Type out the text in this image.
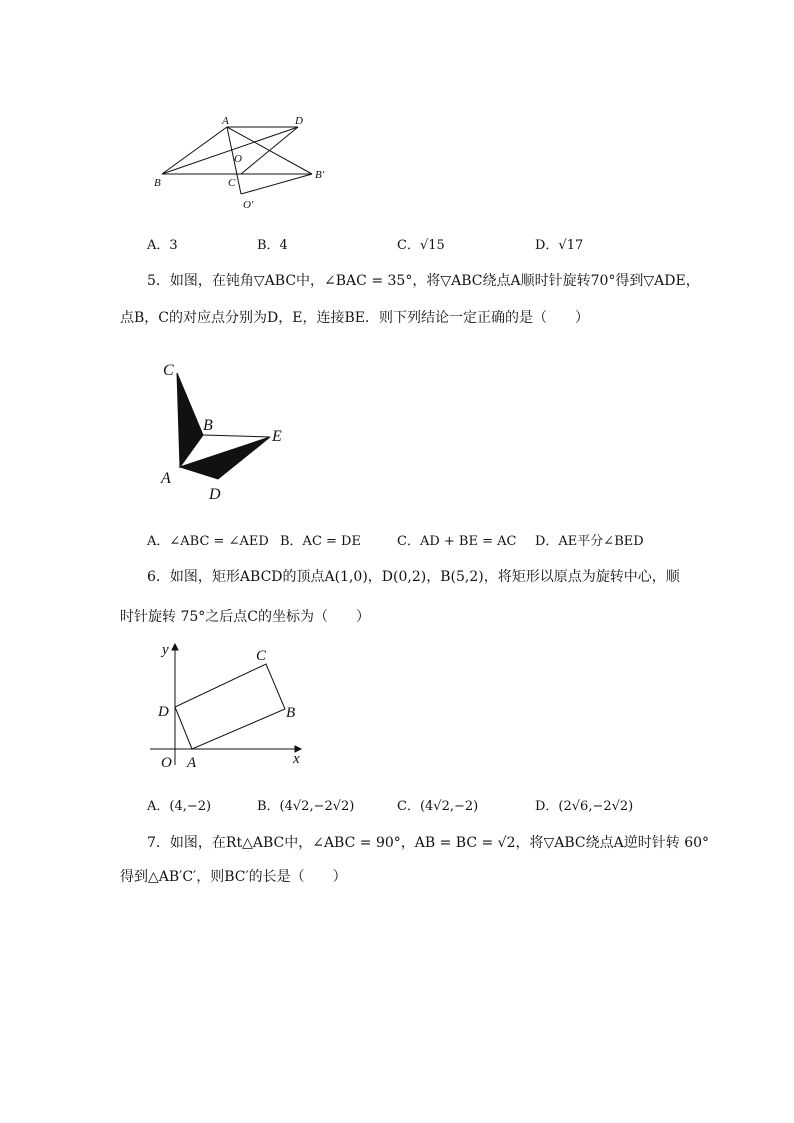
A	D
B	C
O
B′
O′
A．3	B．4	C．√15	D．√17
5．如图，在钝角▽ABC中，∠BAC = 35°，将▽ABC绕点A顺时针旋转70°得到▽ADE，
点B，C的对应点分别为D，E，连接BE．则下列结论一定正确的是（　　）
C
B
E
A
D
A．∠ABC = ∠AED B．AC = DE	C．AD + BE = AC D．AE平分∠BED
6．如图，矩形ABCD的顶点A(1,0)，D(0,2)，B(5,2)，将矩形以原点为旋转中心，顺
时针旋转 75°之后点C的坐标为（　　）
y
x
O A
D
C
B
A．(4,−2)	B．(4√2,−2√2)	C．(4√2,−2)	D．(2√6,−2√2)
7．如图，在Rt△ABC中，∠ABC = 90°，AB = BC = √2，将▽ABC绕点A逆时针转 60°
得到△AB′C′，则BC′的长是（　　）
